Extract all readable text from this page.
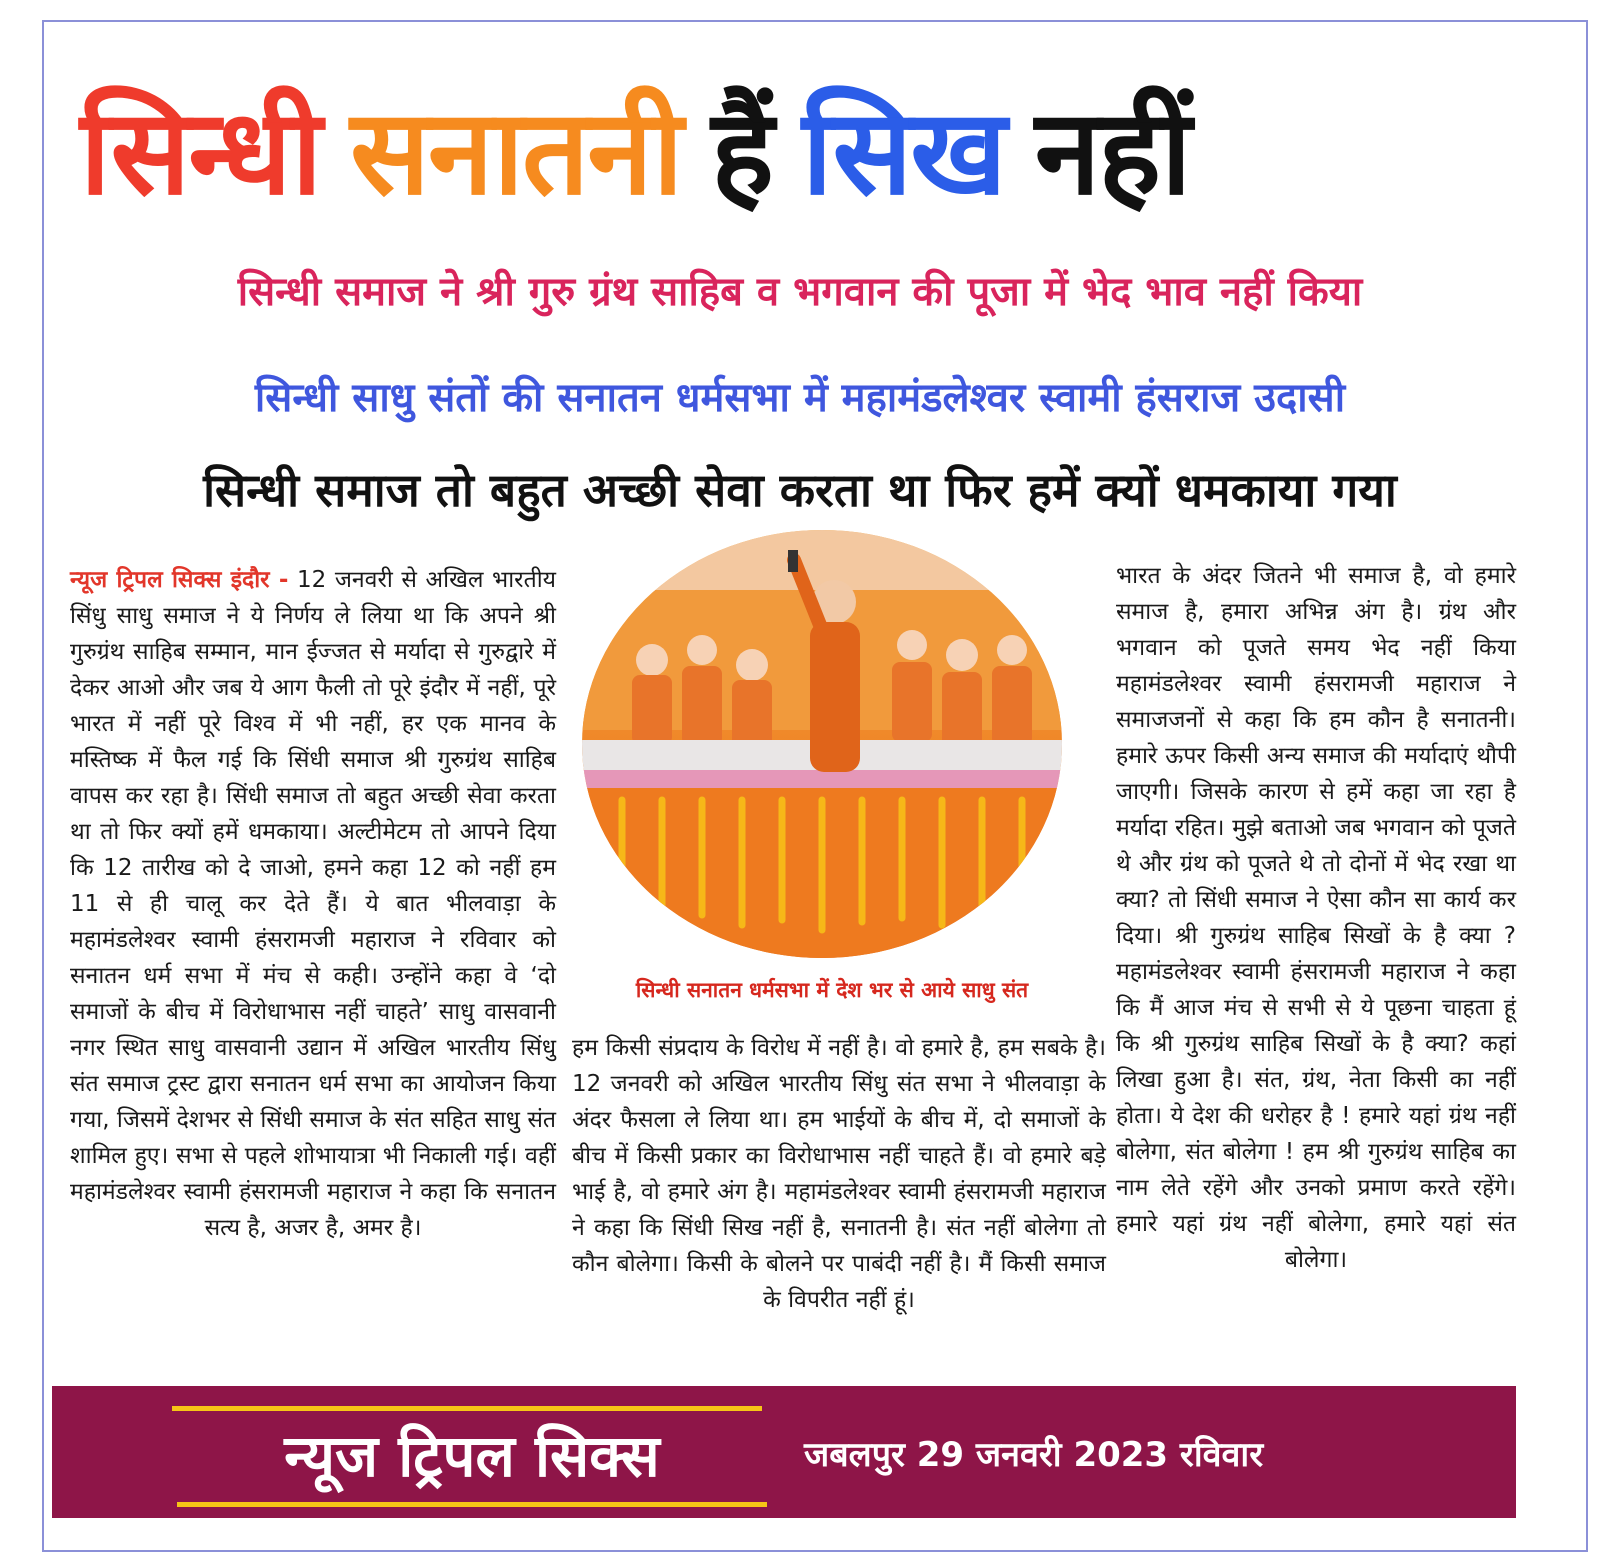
सिन्धी सनातनी हैं सिख नहीं
सिन्धी समाज ने श्री गुरु ग्रंथ साहिब व भगवान की पूजा में भेद भाव नहीं किया
सिन्धी साधु संतों की सनातन धर्मसभा में महामंडलेश्वर स्वामी हंसराज उदासी
सिन्धी समाज तो बहुत अच्छी सेवा करता था फिर हमें क्यों धमकाया गया
न्यूज ट्रिपल सिक्स इंदौर - 12 जनवरी से अखिल भारतीय सिंधु साधु समाज ने ये निर्णय ले लिया था कि अपने श्री गुरुग्रंथ साहिब सम्मान, मान ईज्जत से मर्यादा से गुरुद्वारे में देकर आओ और जब ये आग फैली तो पूरे इंदौर में नहीं, पूरे भारत में नहीं पूरे विश्व में भी नहीं, हर एक मानव के मस्तिष्क में फैल गई कि सिंधी समाज श्री गुरुग्रंथ साहिब वापस कर रहा है। सिंधी समाज तो बहुत अच्छी सेवा करता था तो फिर क्यों हमें धमकाया। अल्टीमेटम तो आपने दिया कि 12 तारीख को दे जाओ, हमने कहा 12 को नहीं हम 11 से ही चालू कर देते हैं। ये बात भीलवाड़ा के महामंडलेश्वर स्वामी हंसरामजी महाराज ने रविवार को सनातन धर्म सभा में मंच से कही। उन्होंने कहा वे ‘दो समाजों के बीच में विरोधाभास नहीं चाहते’ साधु वासवानी नगर स्थित साधु वासवानी उद्यान में अखिल भारतीय सिंधु संत समाज ट्रस्ट द्वारा सनातन धर्म सभा का आयोजन किया गया, जिसमें देशभर से सिंधी समाज के संत सहित साधु संत शामिल हुए। सभा से पहले शोभायात्रा भी निकाली गई। वहीं महामंडलेश्वर स्वामी हंसरामजी महाराज ने कहा कि सनातन सत्य है, अजर है, अमर है।
सिन्धी सनातन धर्मसभा में देश भर से आये साधु संत
हम किसी संप्रदाय के विरोध में नहीं है। वो हमारे है, हम सबके है। 12 जनवरी को अखिल भारतीय सिंधु संत सभा ने भीलवाड़ा के अंदर फैसला ले लिया था। हम भाईयों के बीच में, दो समाजों के बीच में किसी प्रकार का विरोधाभास नहीं चाहते हैं। वो हमारे बड़े भाई है, वो हमारे अंग है। महामंडलेश्वर स्वामी हंसरामजी महाराज ने कहा कि सिंधी सिख नहीं है, सनातनी है। संत नहीं बोलेगा तो कौन बोलेगा। किसी के बोलने पर पाबंदी नहीं है। मैं किसी समाज के विपरीत नहीं हूं।
भारत के अंदर जितने भी समाज है, वो हमारे समाज है, हमारा अभिन्न अंग है। ग्रंथ और भगवान को पूजते समय भेद नहीं किया महामंडलेश्वर स्वामी हंसरामजी महाराज ने समाजजनों से कहा कि हम कौन है सनातनी। हमारे ऊपर किसी अन्य समाज की मर्यादाएं थौपी जाएगी। जिसके कारण से हमें कहा जा रहा है मर्यादा रहित। मुझे बताओ जब भगवान को पूजते थे और ग्रंथ को पूजते थे तो दोनों में भेद रखा था क्या? तो सिंधी समाज ने ऐसा कौन सा कार्य कर दिया। श्री गुरुग्रंथ साहिब सिखों के है क्या ? महामंडलेश्वर स्वामी हंसरामजी महाराज ने कहा कि मैं आज मंच से सभी से ये पूछना चाहता हूं कि श्री गुरुग्रंथ साहिब सिखों के है क्या? कहां लिखा हुआ है। संत, ग्रंथ, नेता किसी का नहीं होता। ये देश की धरोहर है ! हमारे यहां ग्रंथ नहीं बोलेगा, संत बोलेगा ! हम श्री गुरुग्रंथ साहिब का नाम लेते रहेंगे और उनको प्रमाण करते रहेंगे। हमारे यहां ग्रंथ नहीं बोलेगा, हमारे यहां संत बोलेगा।
न्यूज ट्रिपल सिक्स	जबलपुर 29 जनवरी 2023 रविवार
